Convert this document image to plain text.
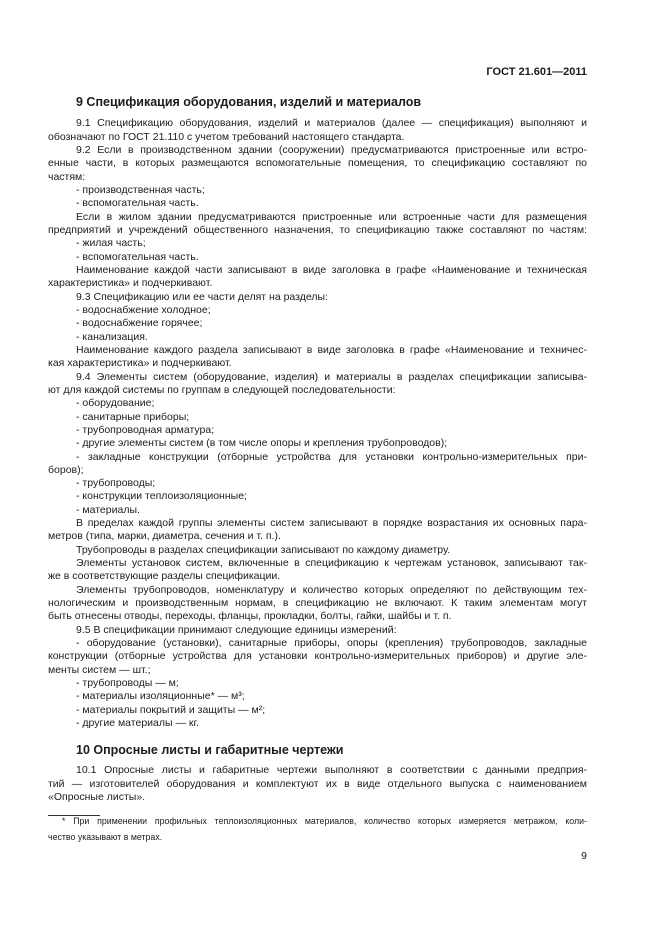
ГОСТ 21.601—2011
9 Спецификация оборудования, изделий и материалов
9.1 Спецификацию оборудования, изделий и материалов (далее — спецификация) выполняют и
обозначают по ГОСТ 21.110 с учетом требований настоящего стандарта.
9.2 Если в производственном здании (сооружении) предусматриваются пристроенные или встро-
енные части, в которых размещаются вспомогательные помещения, то спецификацию составляют по
частям:
- производственная часть;
- вспомогательная часть.
Если в жилом здании предусматриваются пристроенные или встроенные части для размещения
предприятий и учреждений общественного назначения, то спецификацию также составляют по частям:
- жилая часть;
- вспомогательная часть.
Наименование каждой части записывают в виде заголовка в графе «Наименование и техническая
характеристика» и подчеркивают.
9.3 Спецификацию или ее части делят на разделы:
- водоснабжение холодное;
- водоснабжение горячее;
- канализация.
Наименование каждого раздела записывают в виде заголовка в графе «Наименование и техничес-
кая характеристика» и подчеркивают.
9.4 Элементы систем (оборудование, изделия) и материалы в разделах спецификации записыва-
ют для каждой системы по группам в следующей последовательности:
- оборудование;
- санитарные приборы;
- трубопроводная арматура;
- другие элементы систем (в том числе опоры и крепления трубопроводов);
- закладные конструкции (отборные устройства для установки контрольно-измерительных при-
боров);
- трубопроводы;
- конструкции теплоизоляционные;
- материалы.
В пределах каждой группы элементы систем записывают в порядке возрастания их основных пара-
метров (типа, марки, диаметра, сечения и т. п.).
Трубопроводы в разделах спецификации записывают по каждому диаметру.
Элементы установок систем, включенные в спецификацию к чертежам установок, записывают так-
же в соответствующие разделы спецификации.
Элементы трубопроводов, номенклатуру и количество которых определяют по действующим тех-
нологическим и производственным нормам, в спецификацию не включают. К таким элементам могут
быть отнесены отводы, переходы, фланцы, прокладки, болты, гайки, шайбы и т. п.
9.5 В спецификации принимают следующие единицы измерений:
- оборудование (установки), санитарные приборы, опоры (крепления) трубопроводов, закладные
конструкции (отборные устройства для установки контрольно-измерительных приборов) и другие эле-
менты систем — шт.;
- трубопроводы — м;
- материалы изоляционные* — м³;
- материалы покрытий и защиты — м²;
- другие материалы — кг.
10 Опросные листы и габаритные чертежи
10.1 Опросные листы и габаритные чертежи выполняют в соответствии с данными предприя-
тий — изготовителей оборудования и комплектуют их в виде отдельного выпуска с наименованием
«Опросные листы».
* При применении профильных теплоизоляционных материалов, количество которых измеряется метражом, коли-
чество указывают в метрах.
9
